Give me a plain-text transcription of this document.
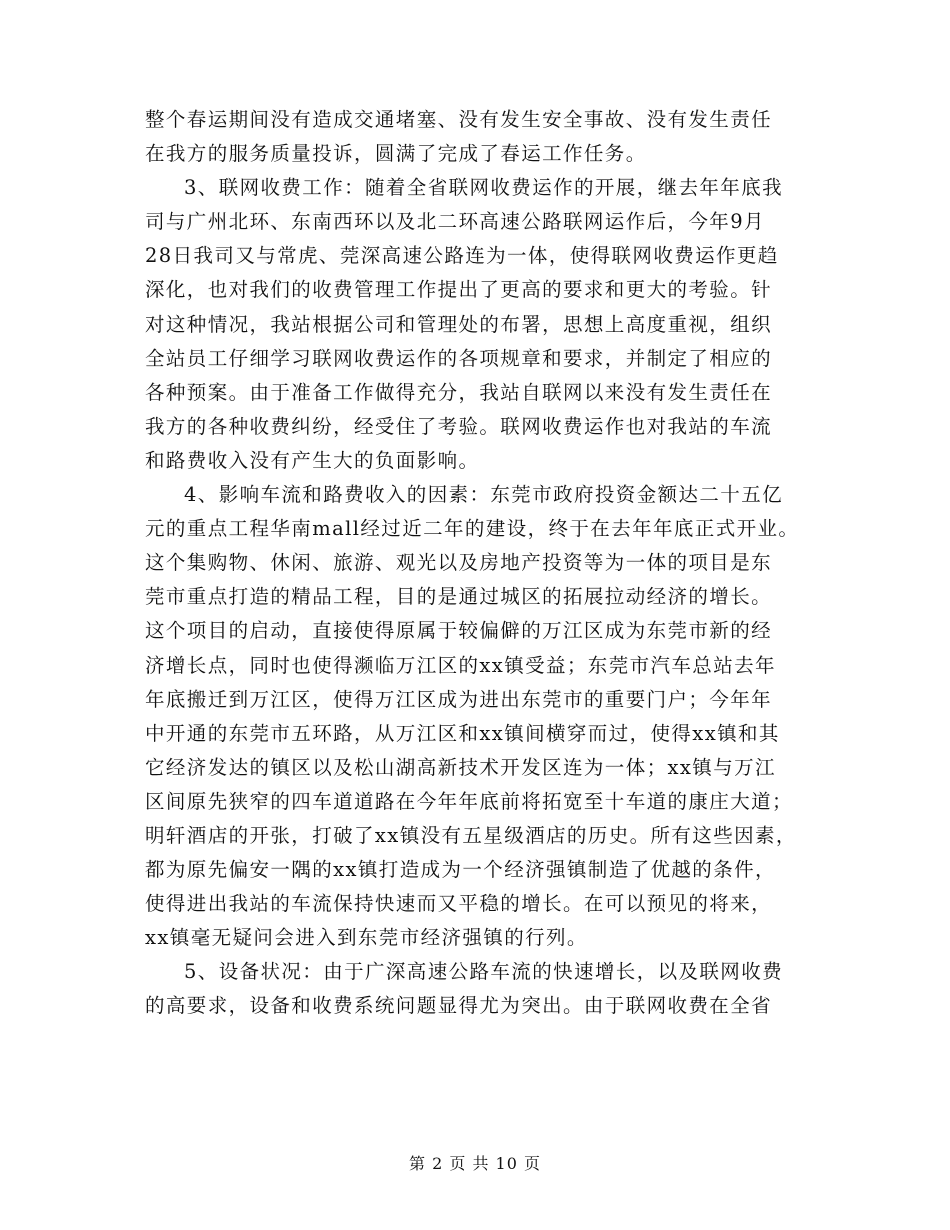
整个春运期间没有造成交通堵塞、没有发生安全事故、没有发生责任
在我方的服务质量投诉，圆满了完成了春运工作任务。
3、联网收费工作：随着全省联网收费运作的开展，继去年年底我
司与广州北环、东南西环以及北二环高速公路联网运作后，今年9月
28日我司又与常虎、莞深高速公路连为一体，使得联网收费运作更趋
深化，也对我们的收费管理工作提出了更高的要求和更大的考验。针
对这种情况，我站根据公司和管理处的布署，思想上高度重视，组织
全站员工仔细学习联网收费运作的各项规章和要求，并制定了相应的
各种预案。由于准备工作做得充分，我站自联网以来没有发生责任在
我方的各种收费纠纷，经受住了考验。联网收费运作也对我站的车流
和路费收入没有产生大的负面影响。
4、影响车流和路费收入的因素：东莞市政府投资金额达二十五亿
元的重点工程华南mall经过近二年的建设，终于在去年年底正式开业。
这个集购物、休闲、旅游、观光以及房地产投资等为一体的项目是东
莞市重点打造的精品工程，目的是通过城区的拓展拉动经济的增长。
这个项目的启动，直接使得原属于较偏僻的万江区成为东莞市新的经
济增长点，同时也使得濒临万江区的xx镇受益；东莞市汽车总站去年
年底搬迁到万江区，使得万江区成为进出东莞市的重要门户；今年年
中开通的东莞市五环路，从万江区和xx镇间横穿而过，使得xx镇和其
它经济发达的镇区以及松山湖高新技术开发区连为一体；xx镇与万江
区间原先狭窄的四车道道路在今年年底前将拓宽至十车道的康庄大道；
明轩酒店的开张，打破了xx镇没有五星级酒店的历史。所有这些因素，
都为原先偏安一隅的xx镇打造成为一个经济强镇制造了优越的条件，
使得进出我站的车流保持快速而又平稳的增长。在可以预见的将来，
xx镇毫无疑问会进入到东莞市经济强镇的行列。
5、设备状况：由于广深高速公路车流的快速增长，以及联网收费
的高要求，设备和收费系统问题显得尤为突出。由于联网收费在全省
第 2 页 共 10 页
